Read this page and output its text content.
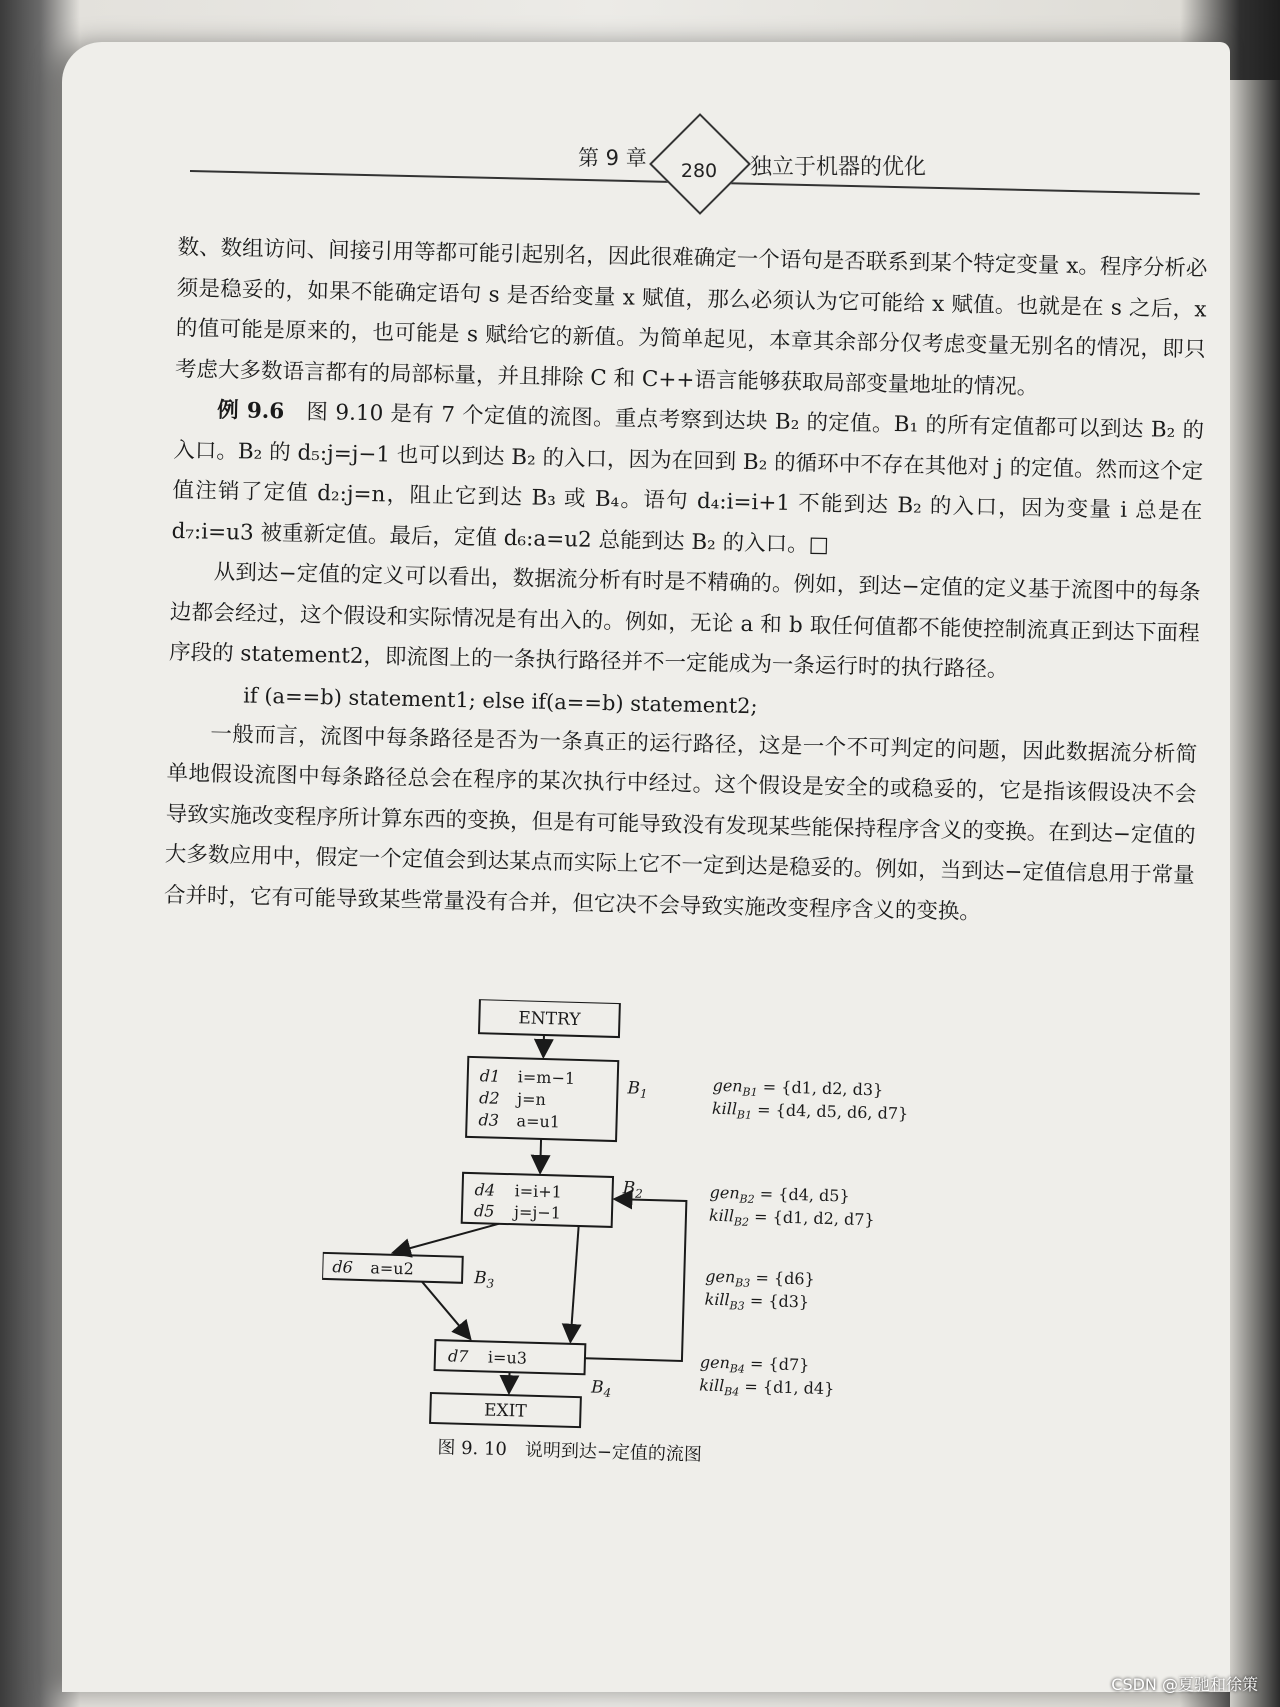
第 9 章
280	独立于机器的优化

数、数组访问、间接引用等都可能引起别名，因此很难确定一个语句是否联系到某个特定变量 x。程序分析必须是稳妥的，如果不能确定语句 s 是否给变量 x 赋值，那么必须认为它可能给 x 赋值。也就是在 s 之后，x 的值可能是原来的，也可能是 s 赋给它的新值。为简单起见，本章其余部分仅考虑变量无别名的情况，即只考虑大多数语言都有的局部标量，并且排除 C 和 C++语言能够获取局部变量地址的情况。

例 9.6　 图 9.10 是有 7 个定值的流图。重点考察到达块 B₂ 的定值。B₁ 的所有定值都可以到达 B₂ 的入口。B₂ 的 d₅:j=j−1 也可以到达 B₂ 的入口，因为在回到 B₂ 的循环中不存在其他对 j 的定值。然而这个定值注销了定值 d₂:j=n，阻止它到达 B₃ 或 B₄。语句 d₄:i=i+1 不能到达 B₂ 的入口，因为变量 i 总是在 d₇:i=u3 被重新定值。最后，定值 d₆:a=u2 总能到达 B₂ 的入口。□

从到达−定值的定义可以看出，数据流分析有时是不精确的。例如，到达−定值的定义基于流图中的每条边都会经过，这个假设和实际情况是有出入的。例如，无论 a 和 b 取任何值都不能使控制流真正到达下面程序段的 statement2，即流图上的一条执行路径并不一定能成为一条运行时的执行路径。

if (a==b) statement1; else if(a==b) statement2;

一般而言，流图中每条路径是否为一条真正的运行路径，这是一个不可判定的问题，因此数据流分析简单地假设流图中每条路径总会在程序的某次执行中经过。这个假设是安全的或稳妥的，它是指该假设决不会导致实施改变程序所计算东西的变换，但是有可能导致没有发现某些能保持程序含义的变换。在到达−定值的大多数应用中，假定一个定值会到达某点而实际上它不一定到达是稳妥的。例如，当到达−定值信息用于常量合并时，它有可能导致某些常量没有合并，但它决不会导致实施改变程序含义的变换。

ENTRY
d1 i=m−1
d2 j=n
d3 a=u1
$B_1$
d4 i=i+1
d5 j=j−1
$B_2$
d6 a=u2	$B_3$
d7 i=u3
$B_4$
EXIT
gen$_{B1}$ = {d1, d2, d3}
kill$_{B1}$ = {d4, d5, d6, d7}
gen$_{B2}$ = {d4, d5}
kill$_{B2}$ = {d1, d2, d7}
gen$_{B3}$ = {d6}
kill$_{B3}$ = {d3}
gen$_{B4}$ = {d7}
kill$_{B4}$ = {d1, d4}
图 9. 10　说明到达−定值的流图
CSDN @夏驰和徐策
